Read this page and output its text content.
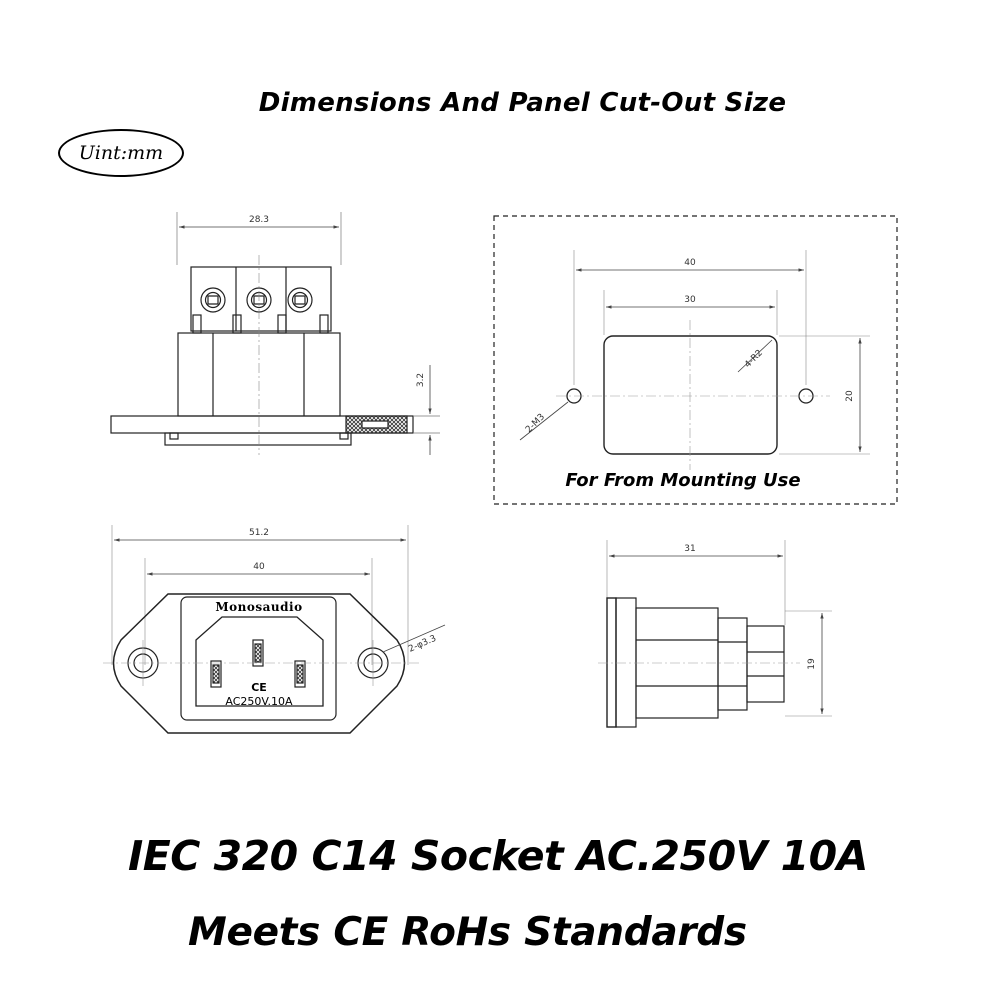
Dimensions And Panel Cut-Out Size
Uint:mm
28.3
3.2
40
30
20
4-R2
2-M3
For From Mounting Use
51.2
40
2-φ3.3
Monosaudio
CE
AC250V.10A
31
19
IEC 320 C14 Socket AC.250V 10A
Meets CE RoHs Standards
